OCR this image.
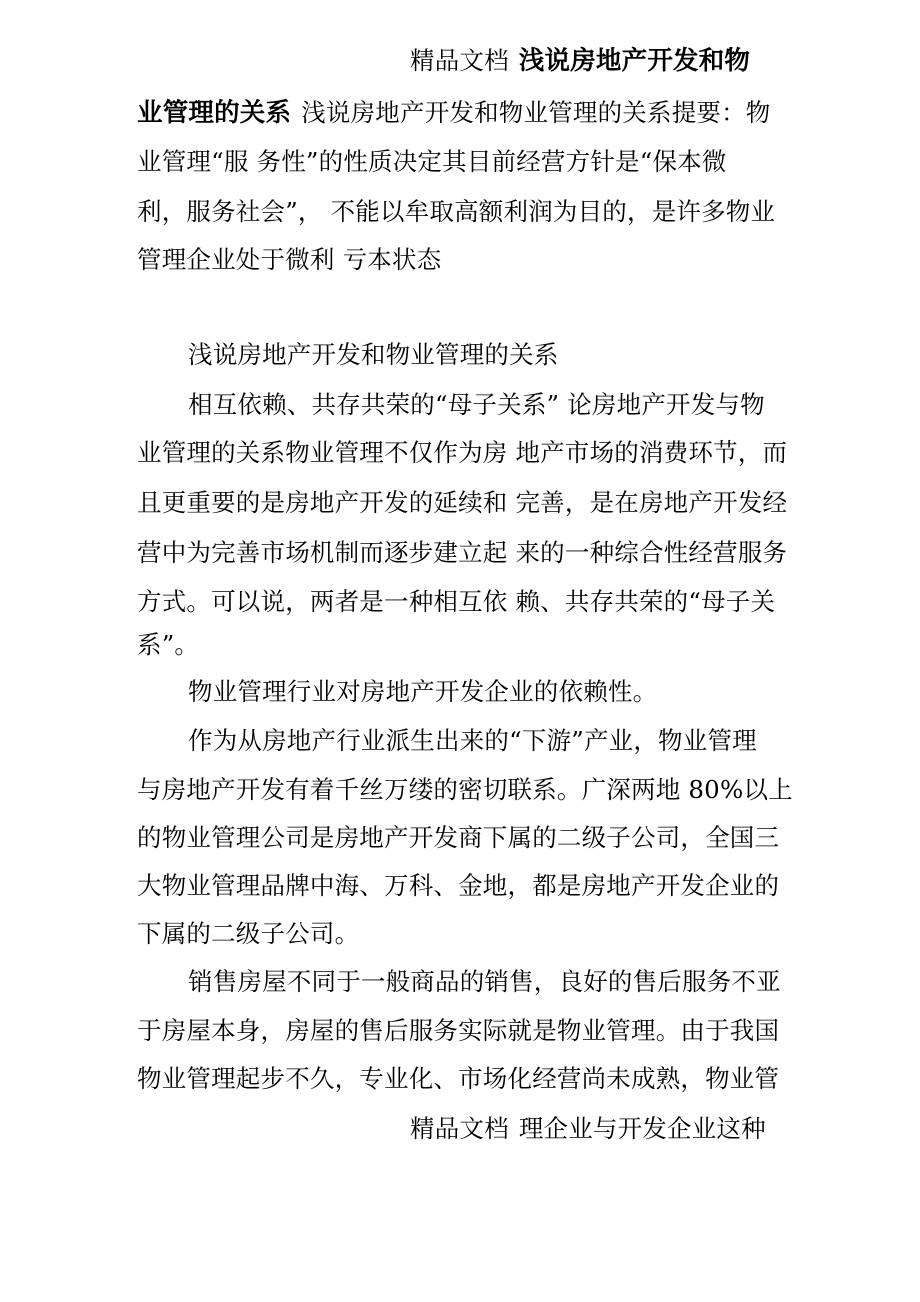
精品文档 浅说房地产开发和物
业管理的关系 浅说房地产开发和物业管理的关系提要：物
业管理“服 务性”的性质决定其目前经营方针是“保本微
利，服务社会”， 不能以牟取高额利润为目的，是许多物业
管理企业处于微利 亏本状态
浅说房地产开发和物业管理的关系
相互依赖、共存共荣的“母子关系” 论房地产开发与物
业管理的关系物业管理不仅作为房 地产市场的消费环节，而
且更重要的是房地产开发的延续和 完善，是在房地产开发经
营中为完善市场机制而逐步建立起 来的一种综合性经营服务
方式。可以说，两者是一种相互依 赖、共存共荣的“母子关
系”。
物业管理行业对房地产开发企业的依赖性。
作为从房地产行业派生出来的“下游”产业，物业管理
与房地产开发有着千丝万缕的密切联系。广深两地 80%以上
的物业管理公司是房地产开发商下属的二级子公司，全国三
大物业管理品牌中海、万科、金地，都是房地产开发企业的
下属的二级子公司。
销售房屋不同于一般商品的销售，良好的售后服务不亚
于房屋本身，房屋的售后服务实际就是物业管理。由于我国
物业管理起步不久，专业化、市场化经营尚未成熟，物业管
精品文档 理企业与开发企业这种
